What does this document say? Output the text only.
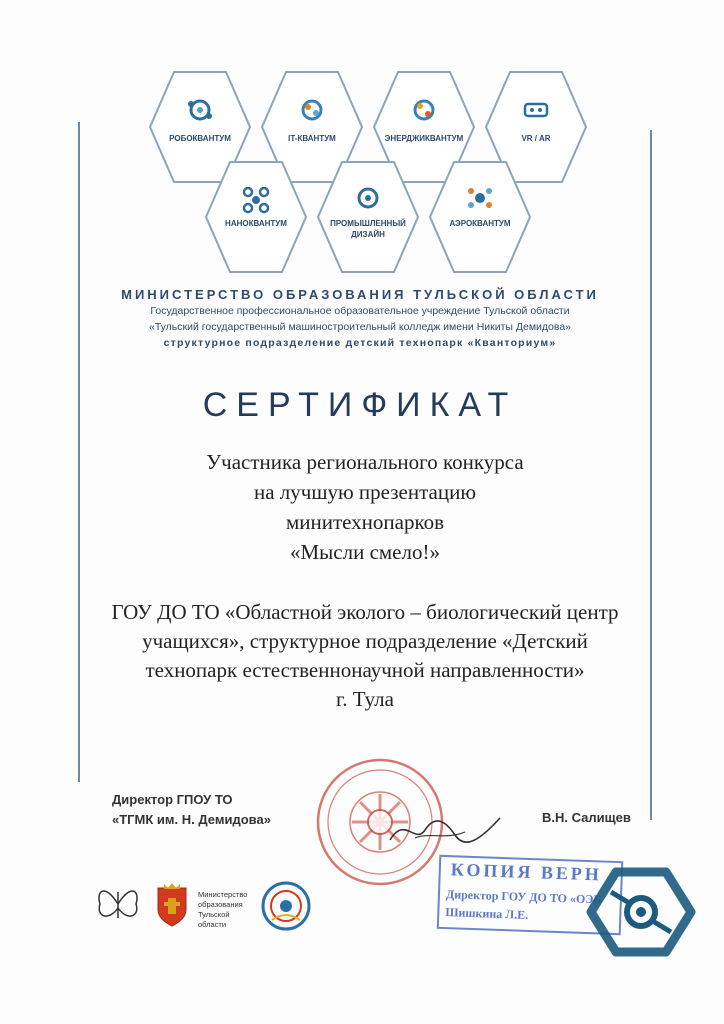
РОБОКВАНТУМ	IT-КВАНТУМ	ЭНЕРДЖИКВАНТУМ	VR / AR
НАНОКВАНТУМ	ПРОМЫШЛЕННЫЙ
ДИЗАЙН
АЭРОКВАНТУМ
МИНИСТЕРСТВО ОБРАЗОВАНИЯ ТУЛЬСКОЙ ОБЛАСТИ
Государственное профессиональное образовательное учреждение Тульской области
«Тульский государственный машиностроительный колледж имени Никиты Демидова»
структурное подразделение детский технопарк «Кванториум»
СЕРТИФИКАТ
Участника регионального конкурса
на лучшую презентацию
минитехнопарков
«Мысли смело!»
ГОУ ДО ТО «Областной эколого – биологический центр
учащихся», структурное подразделение «Детский
технопарк естественнонаучной направленности»
г. Тула
Директор ГПОУ ТО
«ТГМК им. Н. Демидова»	В.Н. Салищев
КОПИЯ ВЕРН
Директор ГОУ ДО ТО «ОЭБ
Шишкина Л.Е.
Министерство
образования
Тульской
области
